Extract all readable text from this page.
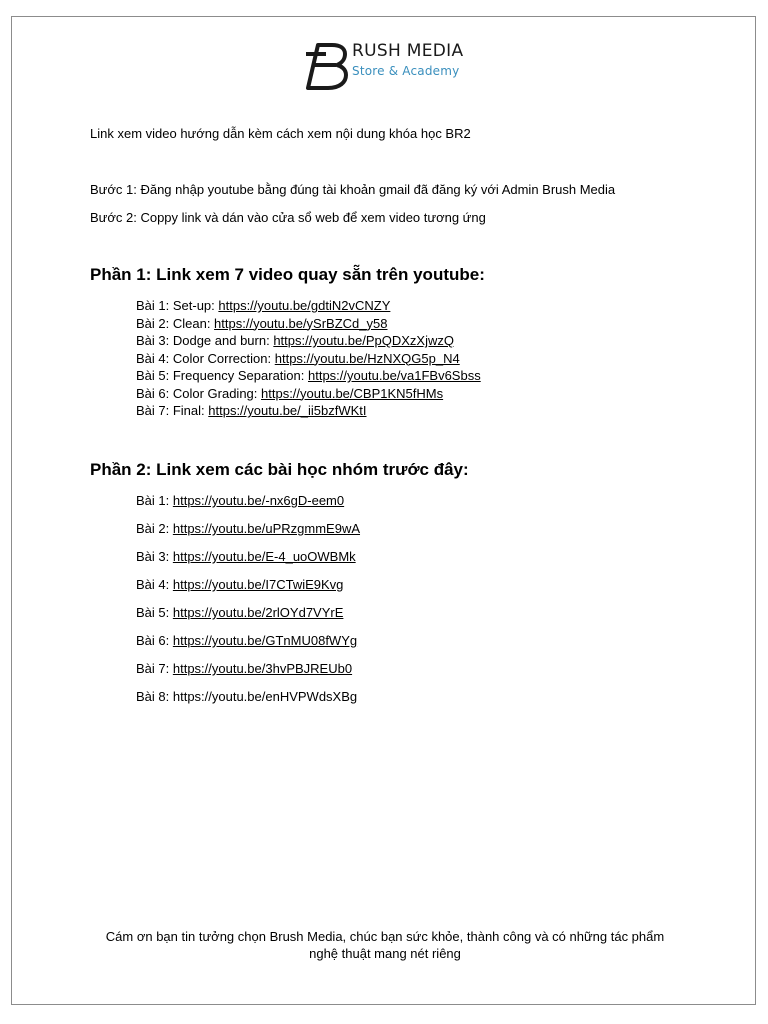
RUSH MEDIA
Store & Academy
Link xem video hướng dẫn kèm cách xem nội dung khóa học BR2
Bước 1: Đăng nhập youtube bằng đúng tài khoản gmail đã đăng ký với Admin Brush Media
Bước 2: Coppy link và dán vào cửa sổ web để xem video tương ứng
Phần 1: Link xem 7 video quay sẵn trên youtube:
Bài 1: Set-up: https://youtu.be/gdtiN2vCNZY
Bài 2: Clean: https://youtu.be/ySrBZCd_y58
Bài 3: Dodge and burn: https://youtu.be/PpQDXzXjwzQ
Bài 4: Color Correction: https://youtu.be/HzNXQG5p_N4
Bài 5: Frequency Separation: https://youtu.be/va1FBv6Sbss
Bài 6: Color Grading: https://youtu.be/CBP1KN5fHMs
Bài 7: Final: https://youtu.be/_ii5bzfWKtI
Phần 2: Link xem các bài học nhóm trước đây:
Bài 1: https://youtu.be/-nx6gD-eem0
Bài 2: https://youtu.be/uPRzgmmE9wA
Bài 3: https://youtu.be/E-4_uoOWBMk
Bài 4: https://youtu.be/I7CTwiE9Kvg
Bài 5: https://youtu.be/2rlOYd7VYrE
Bài 6: https://youtu.be/GTnMU08fWYg
Bài 7: https://youtu.be/3hvPBJREUb0
Bài 8: https://youtu.be/enHVPWdsXBg
Cám ơn bạn tin tưởng chọn Brush Media, chúc bạn sức khỏe, thành công và có những tác phẩm nghệ thuật mang nét riêng
